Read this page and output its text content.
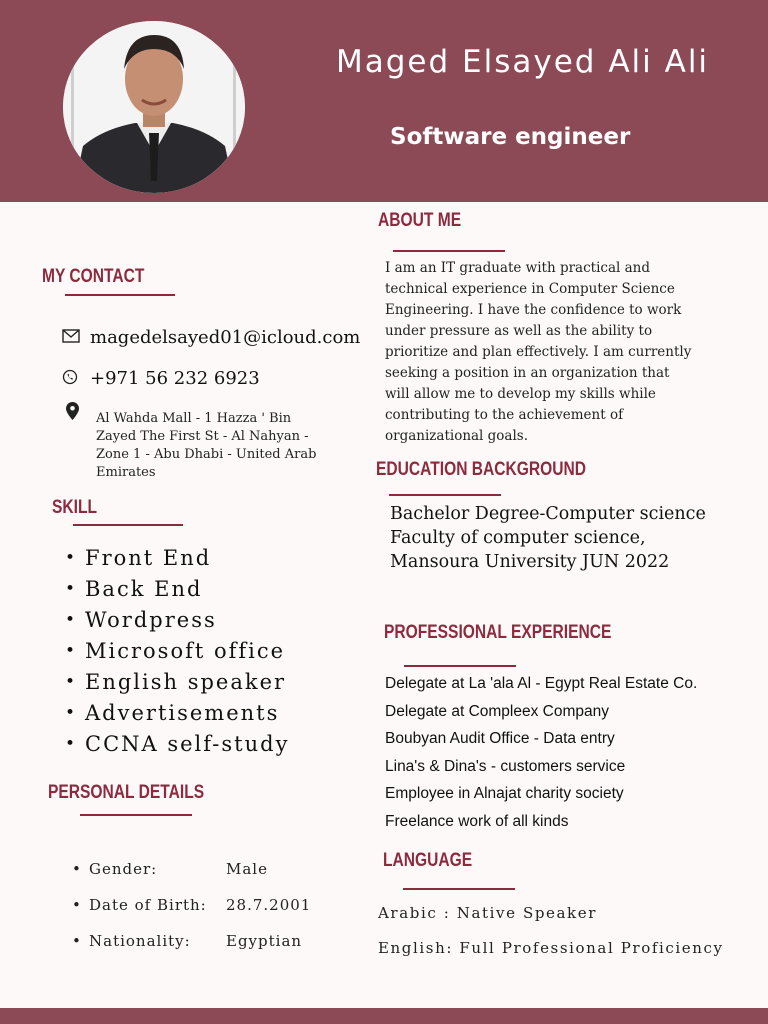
Maged Elsayed Ali Ali
Software engineer
MY CONTACT
magedelsayed01@icloud.com
+971 56 232 6923
Al Wahda Mall - 1 Hazza ' Bin Zayed The First St - Al Nahyan - Zone 1 - Abu Dhabi - United Arab Emirates
SKILL
• Front End
• Back End
• Wordpress
• Microsoft office
• English speaker
• Advertisements
• CCNA self-study
PERSONAL DETAILS
• Gender:	Male
• Date of Birth: 28.7.2001
• Nationality: Egyptian
ABOUT ME
I am an IT graduate with practical and technical experience in Computer Science Engineering. I have the confidence to work under pressure as well as the ability to prioritize and plan effectively. I am currently seeking a position in an organization that will allow me to develop my skills while contributing to the achievement of organizational goals.
EDUCATION BACKGROUND
Bachelor Degree-Computer science
Faculty of computer science,
Mansoura University JUN 2022
PROFESSIONAL EXPERIENCE
Delegate at La 'ala Al - Egypt Real Estate Co.
Delegate at Compleex Company
Boubyan Audit Office - Data entry
Lina's & Dina's - customers service
Employee in Alnajat charity society
Freelance work of all kinds
LANGUAGE
Arabic : Native Speaker
English: Full Professional Proficiency
